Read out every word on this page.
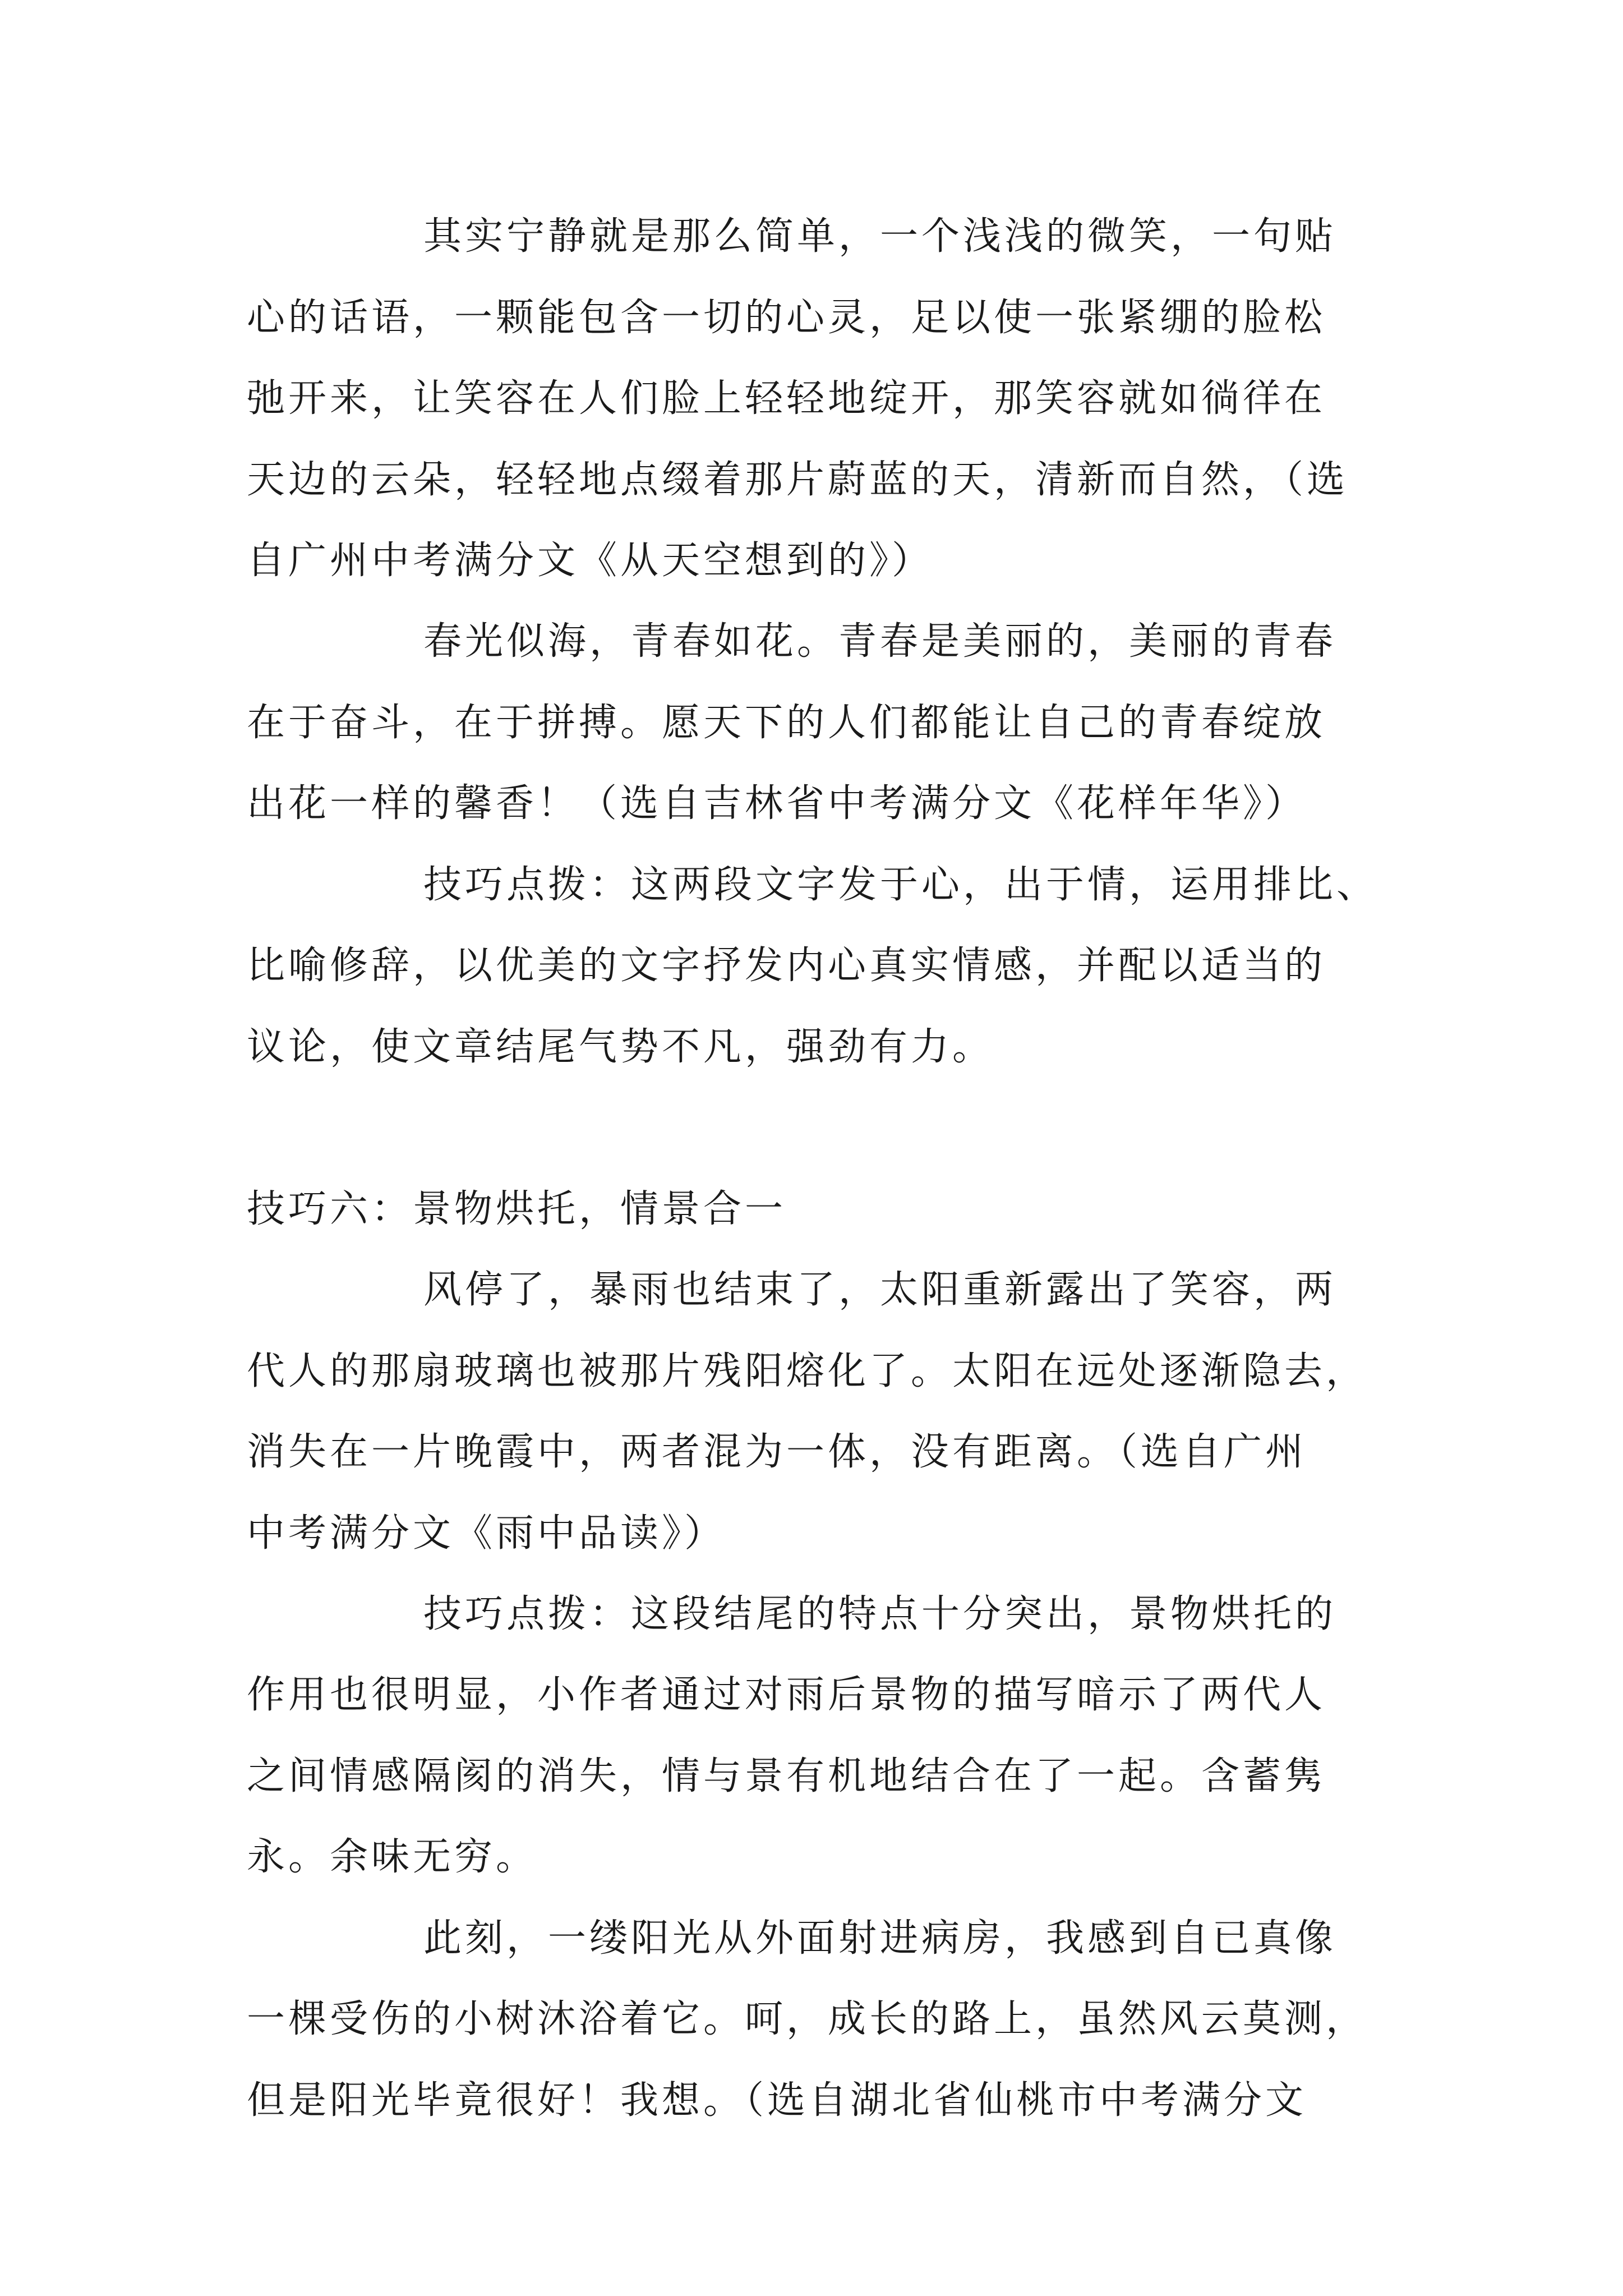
其实宁静就是那么简单，一个浅浅的微笑，一句贴
心的话语，一颗能包含一切的心灵，足以使一张紧绷的脸松
弛开来，让笑容在人们脸上轻轻地绽开，那笑容就如徜徉在
天边的云朵，轻轻地点缀着那片蔚蓝的天，清新而自然，（选
自广州中考满分文《从天空想到的》）
春光似海，青春如花。青春是美丽的，美丽的青春
在于奋斗，在于拼搏。愿天下的人们都能让自己的青春绽放
出花一样的馨香！（选自吉林省中考满分文《花样年华》）
技巧点拨：这两段文字发于心，出于情，运用排比、
比喻修辞，以优美的文字抒发内心真实情感，并配以适当的
议论，使文章结尾气势不凡，强劲有力。
技巧六：景物烘托，情景合一
风停了，暴雨也结束了，太阳重新露出了笑容，两
代人的那扇玻璃也被那片残阳熔化了。太阳在远处逐渐隐去，
消失在一片晚霞中，两者混为一体，没有距离。（选自广州
中考满分文《雨中品读》）
技巧点拨：这段结尾的特点十分突出，景物烘托的
作用也很明显，小作者通过对雨后景物的描写暗示了两代人
之间情感隔阂的消失，情与景有机地结合在了一起。含蓄隽
永。余味无穷。
此刻，一缕阳光从外面射进病房，我感到自已真像
一棵受伤的小树沐浴着它。呵，成长的路上，虽然风云莫测，
但是阳光毕竟很好！我想。（选自湖北省仙桃市中考满分文
